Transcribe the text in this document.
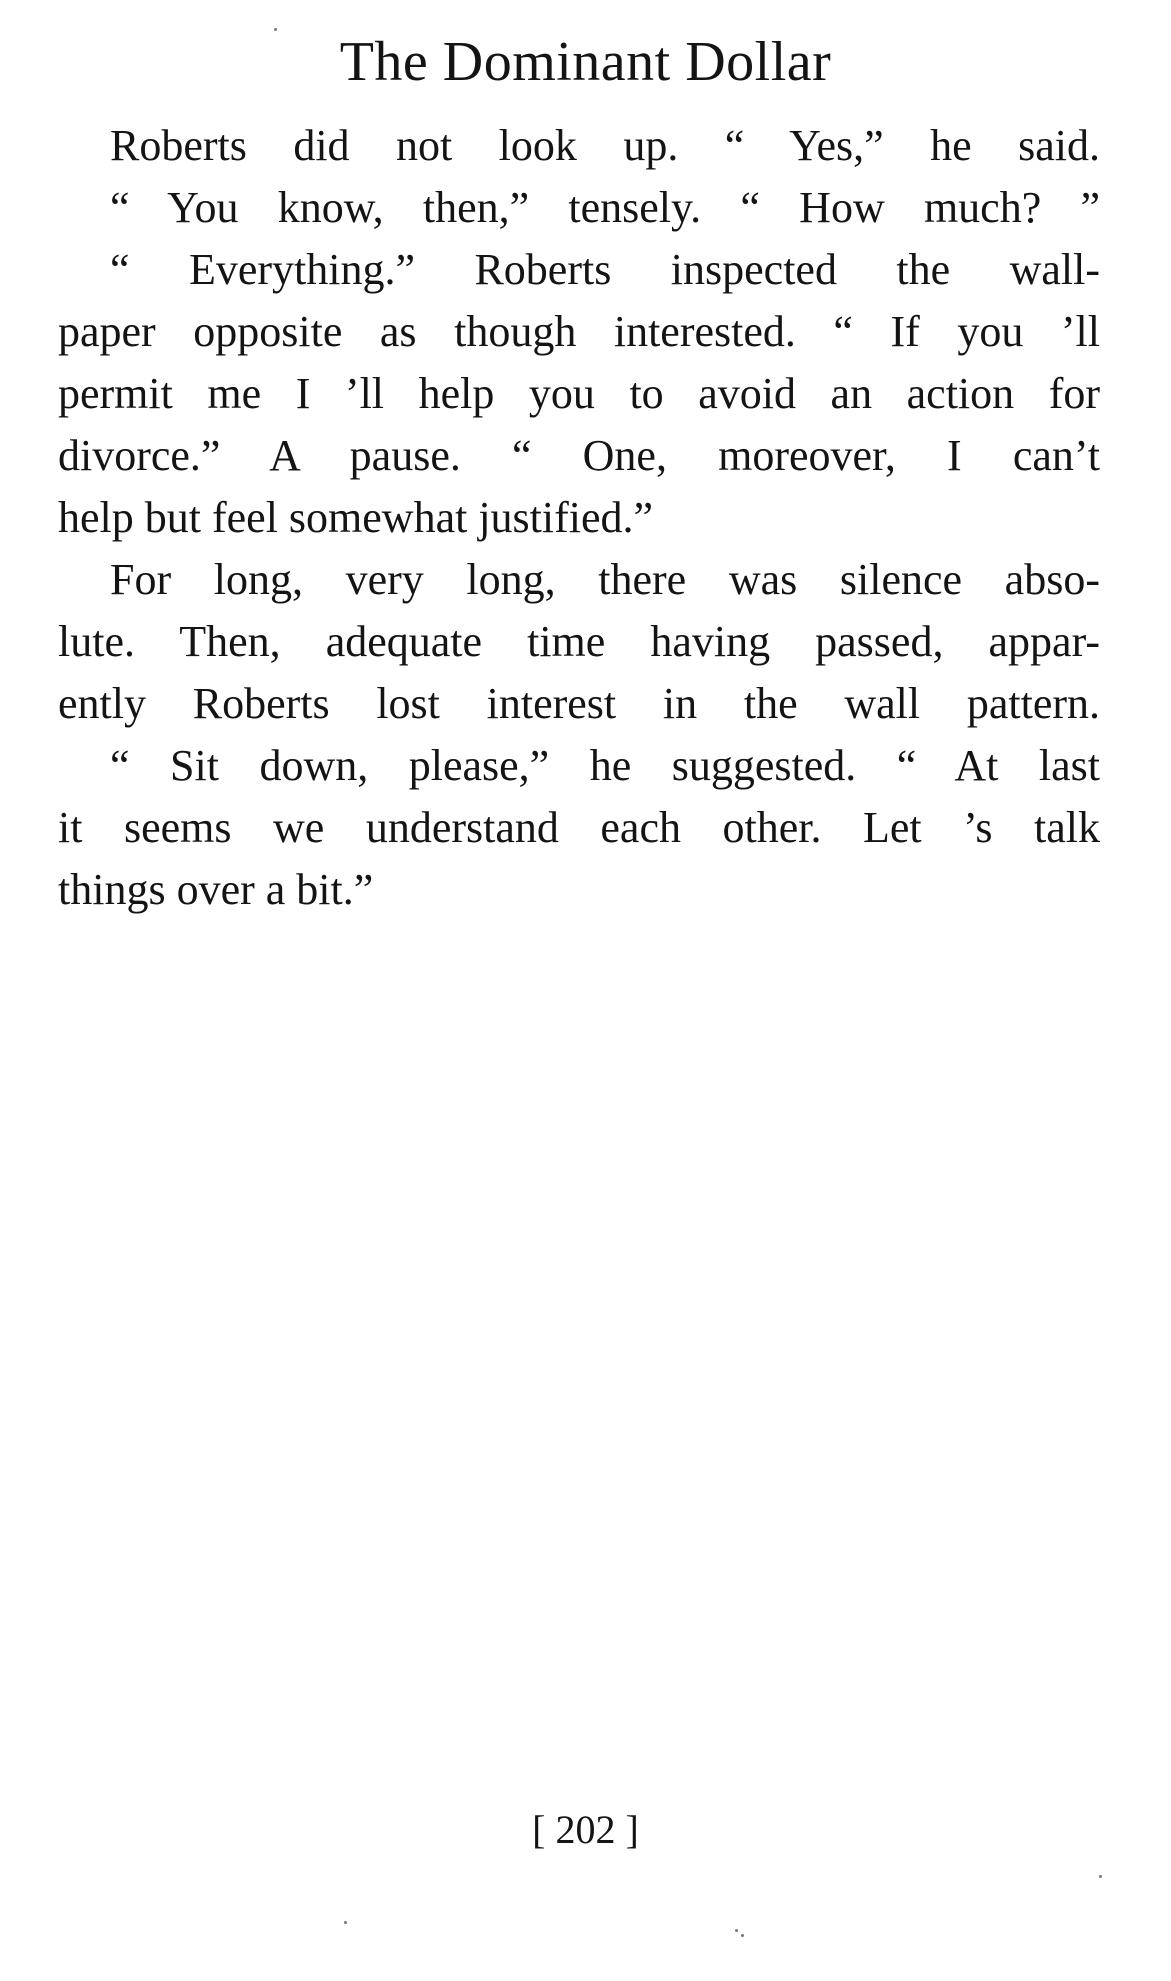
The Dominant Dollar
Roberts did not look up. “ Yes,” he said.
“ You know, then,” tensely. “ How much? ”
“ Everything.” Roberts inspected the wall-
paper opposite as though interested. “ If you ’ll
permit me I ’ll help you to avoid an action for
divorce.” A pause. “ One, moreover, I can’t
help but feel somewhat justified.”
For long, very long, there was silence abso-
lute. Then, adequate time having passed, appar-
ently Roberts lost interest in the wall pattern.
“ Sit down, please,” he suggested. “ At last
it seems we understand each other. Let ’s talk
things over a bit.”
[ 202 ]
